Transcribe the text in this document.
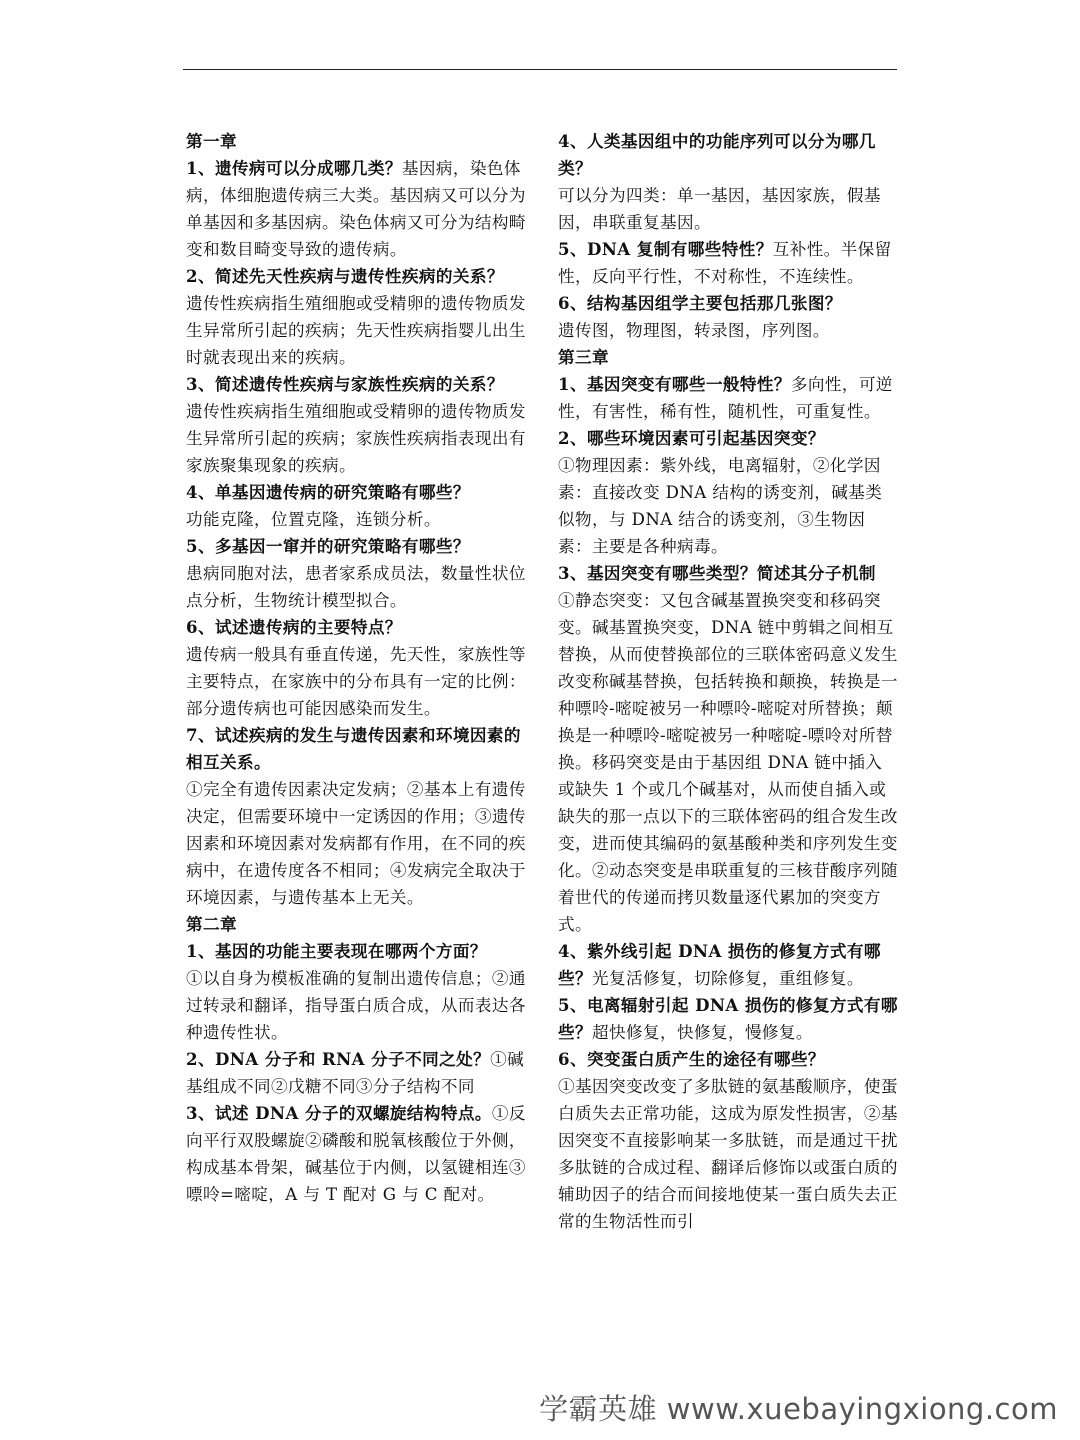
第一章

1、遗传病可以分成哪几类？基因病，染色体病，体细胞遗传病三大类。基因病又可以分为单基因和多基因病。染色体病又可分为结构畸变和数目畸变导致的遗传病。

2、简述先天性疾病与遗传性疾病的关系？
遗传性疾病指生殖细胞或受精卵的遗传物质发生异常所引起的疾病；先天性疾病指婴儿出生时就表现出来的疾病。

3、简述遗传性疾病与家族性疾病的关系？
遗传性疾病指生殖细胞或受精卵的遗传物质发生异常所引起的疾病；家族性疾病指表现出有家族聚集现象的疾病。

4、单基因遗传病的研究策略有哪些？
功能克隆，位置克隆，连锁分析。

5、多基因一窜并的研究策略有哪些？
患病同胞对法，患者家系成员法，数量性状位点分析，生物统计模型拟合。

6、试述遗传病的主要特点？
遗传病一般具有垂直传递，先天性，家族性等主要特点，在家族中的分布具有一定的比例：部分遗传病也可能因感染而发生。

7、试述疾病的发生与遗传因素和环境因素的相互关系。
①完全有遗传因素决定发病；②基本上有遗传决定，但需要环境中一定诱因的作用；③遗传因素和环境因素对发病都有作用，在不同的疾病中，在遗传度各不相同；④发病完全取决于环境因素，与遗传基本上无关。

第二章

1、基因的功能主要表现在哪两个方面？
①以自身为模板准确的复制出遗传信息；②通过转录和翻译，指导蛋白质合成，从而表达各种遗传性状。

2、DNA 分子和 RNA 分子不同之处？①碱基组成不同②戊糖不同③分子结构不同

3、试述 DNA 分子的双螺旋结构特点。①反向平行双股螺旋②磷酸和脱氧核酸位于外侧，构成基本骨架，碱基位于内侧，以氢键相连③嘌呤=嘧啶，A 与 T 配对 G 与 C 配对。

4、人类基因组中的功能序列可以分为哪几类？
可以分为四类：单一基因，基因家族，假基因，串联重复基因。

5、DNA 复制有哪些特性？互补性。半保留性，反向平行性，不对称性，不连续性。

6、结构基因组学主要包括那几张图？
遗传图，物理图，转录图，序列图。

第三章

1、基因突变有哪些一般特性？多向性，可逆性，有害性，稀有性，随机性，可重复性。

2、哪些环境因素可引起基因突变？
①物理因素：紫外线，电离辐射，②化学因素：直接改变 DNA 结构的诱变剂，碱基类似物，与 DNA 结合的诱变剂，③生物因素：主要是各种病毒。

3、基因突变有哪些类型？简述其分子机制
①静态突变：又包含碱基置换突变和移码突变。碱基置换突变，DNA 链中剪辑之间相互替换，从而使替换部位的三联体密码意义发生改变称碱基替换，包括转换和颠换，转换是一种嘌呤-嘧啶被另一种嘌呤-嘧啶对所替换；颠换是一种嘌呤-嘧啶被另一种嘧啶-嘌呤对所替换。移码突变是由于基因组 DNA 链中插入或缺失 1 个或几个碱基对，从而使自插入或缺失的那一点以下的三联体密码的组合发生改变，进而使其编码的氨基酸种类和序列发生变化。②动态突变是串联重复的三核苷酸序列随着世代的传递而拷贝数量逐代累加的突变方式。

4、紫外线引起 DNA 损伤的修复方式有哪些？光复活修复，切除修复，重组修复。

5、电离辐射引起 DNA 损伤的修复方式有哪些？超快修复，快修复，慢修复。

6、突变蛋白质产生的途径有哪些？
①基因突变改变了多肽链的氨基酸顺序，使蛋白质失去正常功能，这成为原发性损害，②基因突变不直接影响某一多肽链，而是通过干扰多肽链的合成过程、翻译后修饰以或蛋白质的辅助因子的结合而间接地使某一蛋白质失去正常的生物活性而引

学霸英雄 www.xuebayingxiong.com
